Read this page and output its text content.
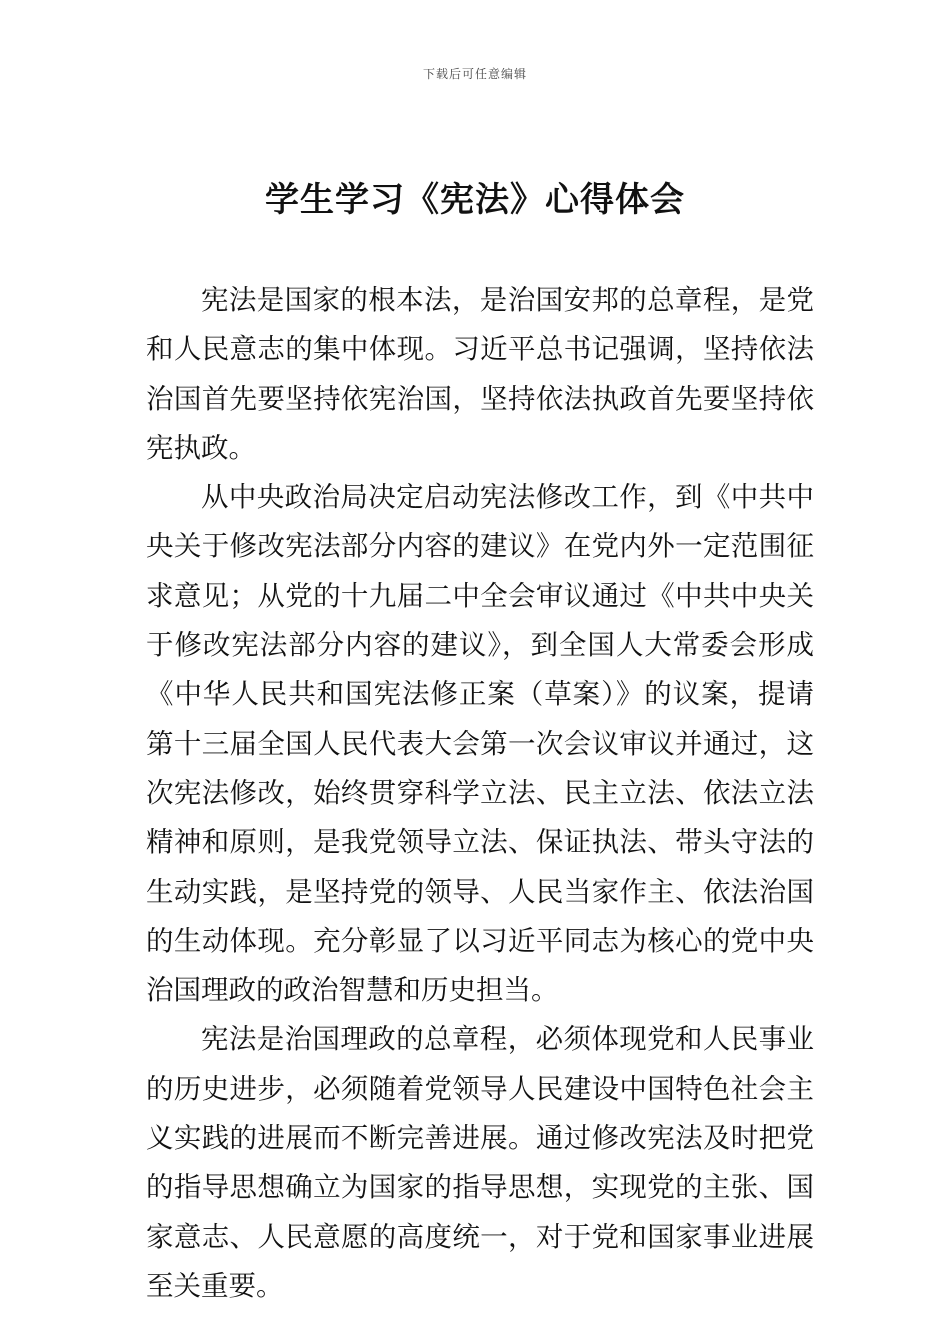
下载后可任意编辑
学生学习《宪法》心得体会

宪法是国家的根本法，是治国安邦的总章程，是党和人民意志的集中体现。习近平总书记强调，坚持依法治国首先要坚持依宪治国，坚持依法执政首先要坚持依宪执政。

从中央政治局决定启动宪法修改工作，到《中共中央关于修改宪法部分内容的建议》在党内外一定范围征求意见；从党的十九届二中全会审议通过《中共中央关于修改宪法部分内容的建议》，到全国人大常委会形成《中华人民共和国宪法修正案（草案）》的议案，提请第十三届全国人民代表大会第一次会议审议并通过，这次宪法修改，始终贯穿科学立法、民主立法、依法立法精神和原则，是我党领导立法、保证执法、带头守法的生动实践，是坚持党的领导、人民当家作主、依法治国的生动体现。充分彰显了以习近平同志为核心的党中央治国理政的政治智慧和历史担当。

宪法是治国理政的总章程，必须体现党和人民事业的历史进步，必须随着党领导人民建设中国特色社会主义实践的进展而不断完善进展。通过修改宪法及时把党的指导思想确立为国家的指导思想，实现党的主张、国家意志、人民意愿的高度统一，对于党和国家事业进展至关重要。
